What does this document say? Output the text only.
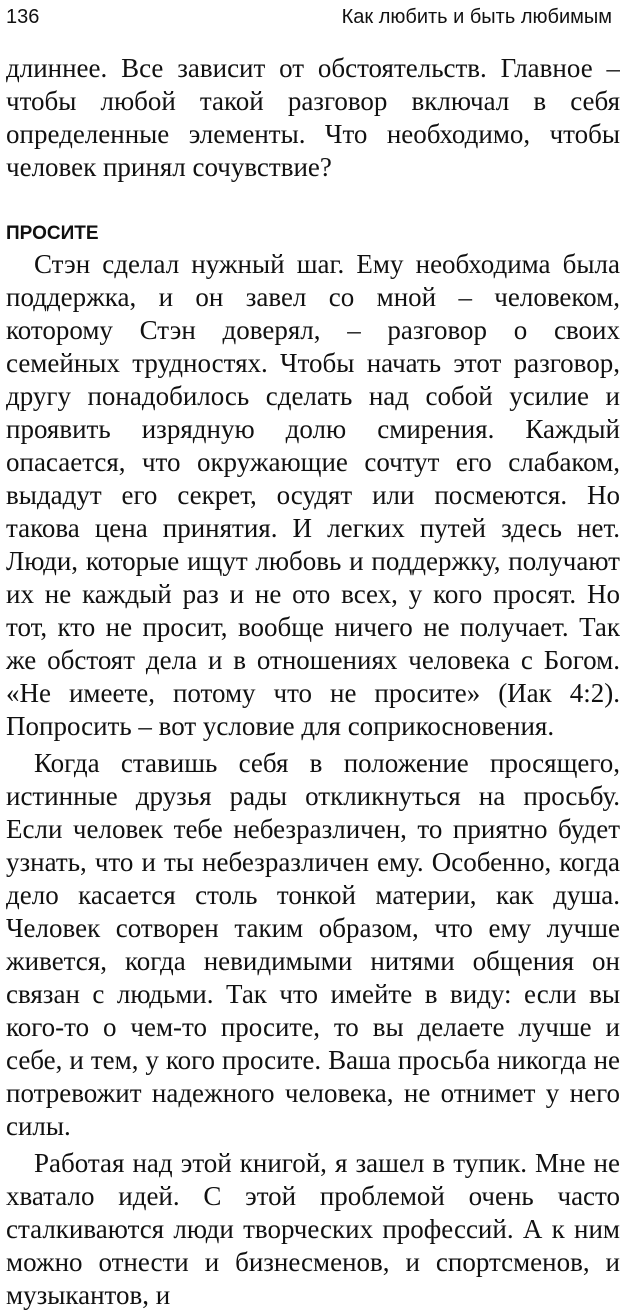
136	Как любить и быть любимым

длиннее. Все зависит от обстоятельств. Главное – чтобы любой такой разговор включал в себя определенные элементы. Что необходимо, чтобы человек принял сочувствие?

ПРОСИТЕ

Стэн сделал нужный шаг. Ему необходима была поддержка, и он завел со мной – человеком, которому Стэн доверял, – разговор о своих семейных трудностях. Чтобы начать этот разговор, другу понадобилось сделать над собой усилие и проявить изрядную долю смирения. Каждый опасается, что окружающие сочтут его слабаком, выдадут его секрет, осудят или посмеются. Но такова цена принятия. И легких путей здесь нет. Люди, которые ищут любовь и поддержку, получают их не каждый раз и не ото всех, у кого просят. Но тот, кто не просит, вообще ничего не получает. Так же обстоят дела и в отношениях человека с Богом. «Не имеете, потому что не просите» (Иак 4:2). Попросить – вот условие для соприкосновения.

Когда ставишь себя в положение просящего, истинные друзья рады откликнуться на просьбу. Если человек тебе небезразличен, то приятно будет узнать, что и ты небезразличен ему. Особенно, когда дело касается столь тонкой материи, как душа. Человек сотворен таким образом, что ему лучше живется, когда невидимыми нитями общения он связан с людьми. Так что имейте в виду: если вы кого-то о чем-то просите, то вы делаете лучше и себе, и тем, у кого просите. Ваша просьба никогда не потревожит надежного человека, не отнимет у него силы.

Работая над этой книгой, я зашел в тупик. Мне не хватало идей. С этой проблемой очень часто сталкиваются люди творческих профессий. А к ним можно отнести и бизнесменов, и спортсменов, и музыкантов, и
